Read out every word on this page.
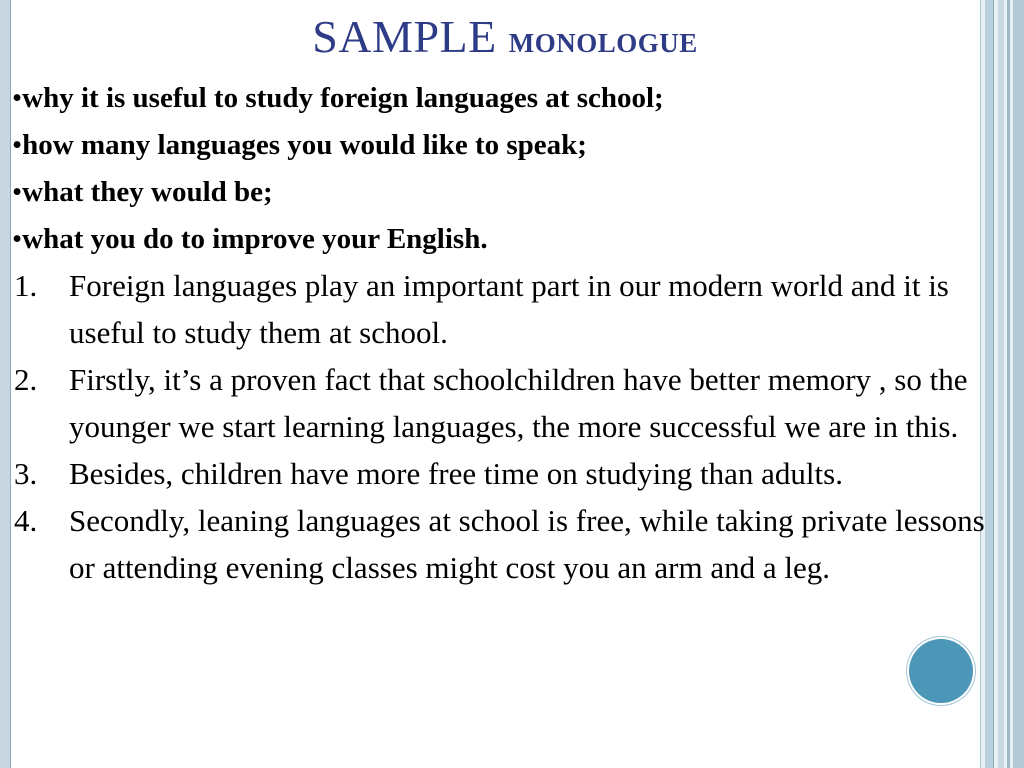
SAMPLE monologue
•why it is useful to study foreign languages at school;
•how many languages you would like to speak;
•what they would be;
•what you do to improve your English.
1.	Foreign languages play an important part in our modern world and it is useful to study them at school.
2.	Firstly, it’s a proven fact that schoolchildren have better memory , so the younger we start learning languages, the more successful we are in this.
3.	Besides, children have more free time on studying than adults.
4.	Secondly, leaning languages at school is free, while taking private lessons or attending evening classes might cost you an arm and a leg.
